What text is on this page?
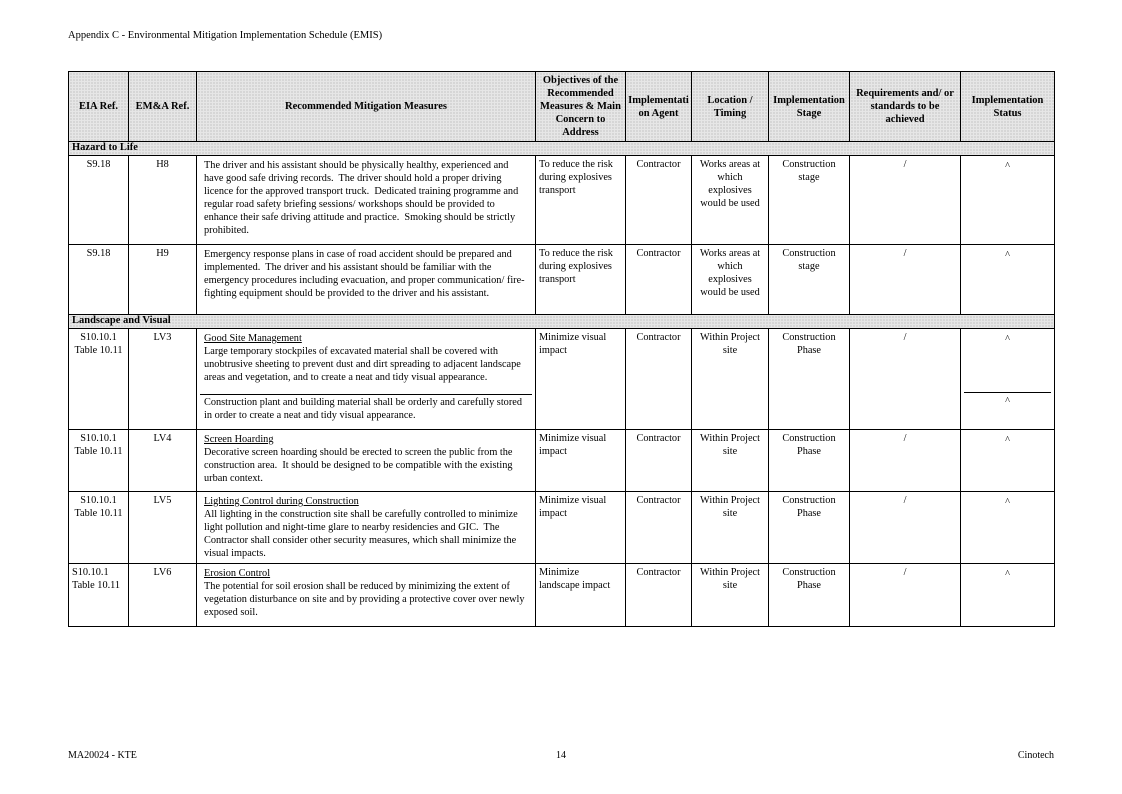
Appendix C - Environmental Mitigation Implementation Schedule (EMIS)
EIA Ref.	EM&A Ref.	Recommended Mitigation Measures	Objectives of the Recommended Measures & Main Concern to Address	Implementati on Agent	Location / Timing	Implementation Stage	Requirements and/ or standards to be achieved	Implementation Status
Hazard to Life								
S9.18	H8	The driver and his assistant should be physically healthy, experienced and have good safe driving records.  The driver should hold a proper driving licence for the approved transport truck.  Dedicated training programme and regular road safety briefing sessions/ workshops should be provided to enhance their safe driving attitude and practice.  Smoking should be strictly prohibited.	To reduce the risk during explosives transport	Contractor	Works areas at which explosives would be used	Construction stage	/	^

S9.18	H9	Emergency response plans in case of road accident should be prepared and implemented.  The driver and his assistant should be familiar with the emergency procedures including evacuation, and proper communication/ fire-fighting equipment should be provided to the driver and his assistant.	To reduce the risk during explosives transport	Contractor	Works areas at which explosives would be used	Construction stage	/	^

Landscape and Visual								
S10.10.1 Table 10.11	LV3	Good Site Management
Large temporary stockpiles of excavated material shall be covered with unobtrusive sheeting to prevent dust and dirt spreading to adjacent landscape areas and vegetation, and to create a neat and tidy visual appearance.
Construction plant and building material shall be orderly and carefully stored in order to create a neat and tidy visual appearance.
	Minimize visual impact	Contractor	Within Project site	Construction Phase	/	^
^

S10.10.1 Table 10.11	LV4	Screen Hoarding
Decorative screen hoarding should be erected to screen the public from the construction area.  It should be designed to be compatible with the existing urban context.	Minimize visual impact	Contractor	Within Project site	Construction Phase	/	^

S10.10.1 Table 10.11	LV5	Lighting Control during Construction
All lighting in the construction site shall be carefully controlled to minimize light pollution and night-time glare to nearby residencies and GIC.  The Contractor shall consider other security measures, which shall minimize the visual impacts.	Minimize visual impact	Contractor	Within Project site	Construction Phase	/	^

S10.10.1 Table 10.11	LV6	Erosion Control
The potential for soil erosion shall be reduced by minimizing the extent of vegetation disturbance on site and by providing a protective cover over newly exposed soil.	Minimize landscape impact	Contractor	Within Project site	Construction Phase	/	^
MA20024 - KTE	14	Cinotech
